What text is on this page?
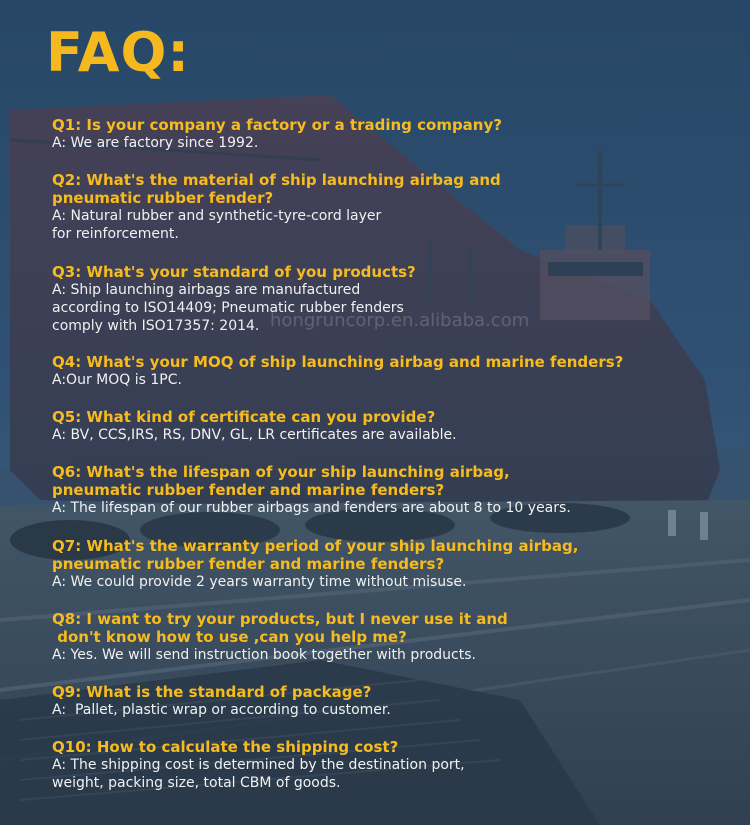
hongruncorp.en.alibaba.com
FAQ:
Q1: Is your company a factory or a trading company?
A: We are factory since 1992.
Q2: What's the material of ship launching airbag and
pneumatic rubber fender?
A: Natural rubber and synthetic-tyre-cord layer
for reinforcement.
Q3: What's your standard of you products?
A: Ship launching airbags are manufactured
according to ISO14409; Pneumatic rubber fenders
comply with ISO17357: 2014.
Q4: What's your MOQ of ship launching airbag and marine fenders?
A:Our MOQ is 1PC.
Q5: What kind of certificate can you provide?
A: BV, CCS,IRS, RS, DNV, GL, LR certificates are available.
Q6: What's the lifespan of your ship launching airbag,
pneumatic rubber fender and marine fenders?
A: The lifespan of our rubber airbags and fenders are about 8 to 10 years.
Q7: What's the warranty period of your ship launching airbag,
pneumatic rubber fender and marine fenders?
A: We could provide 2 years warranty time without misuse.
Q8: I want to try your products, but I never use it and
don't know how to use ,can you help me?
A: Yes. We will send instruction book together with products.
Q9: What is the standard of package?
A:  Pallet, plastic wrap or according to customer.
Q10: How to calculate the shipping cost?
A: The shipping cost is determined by the destination port,
weight, packing size, total CBM of goods.
